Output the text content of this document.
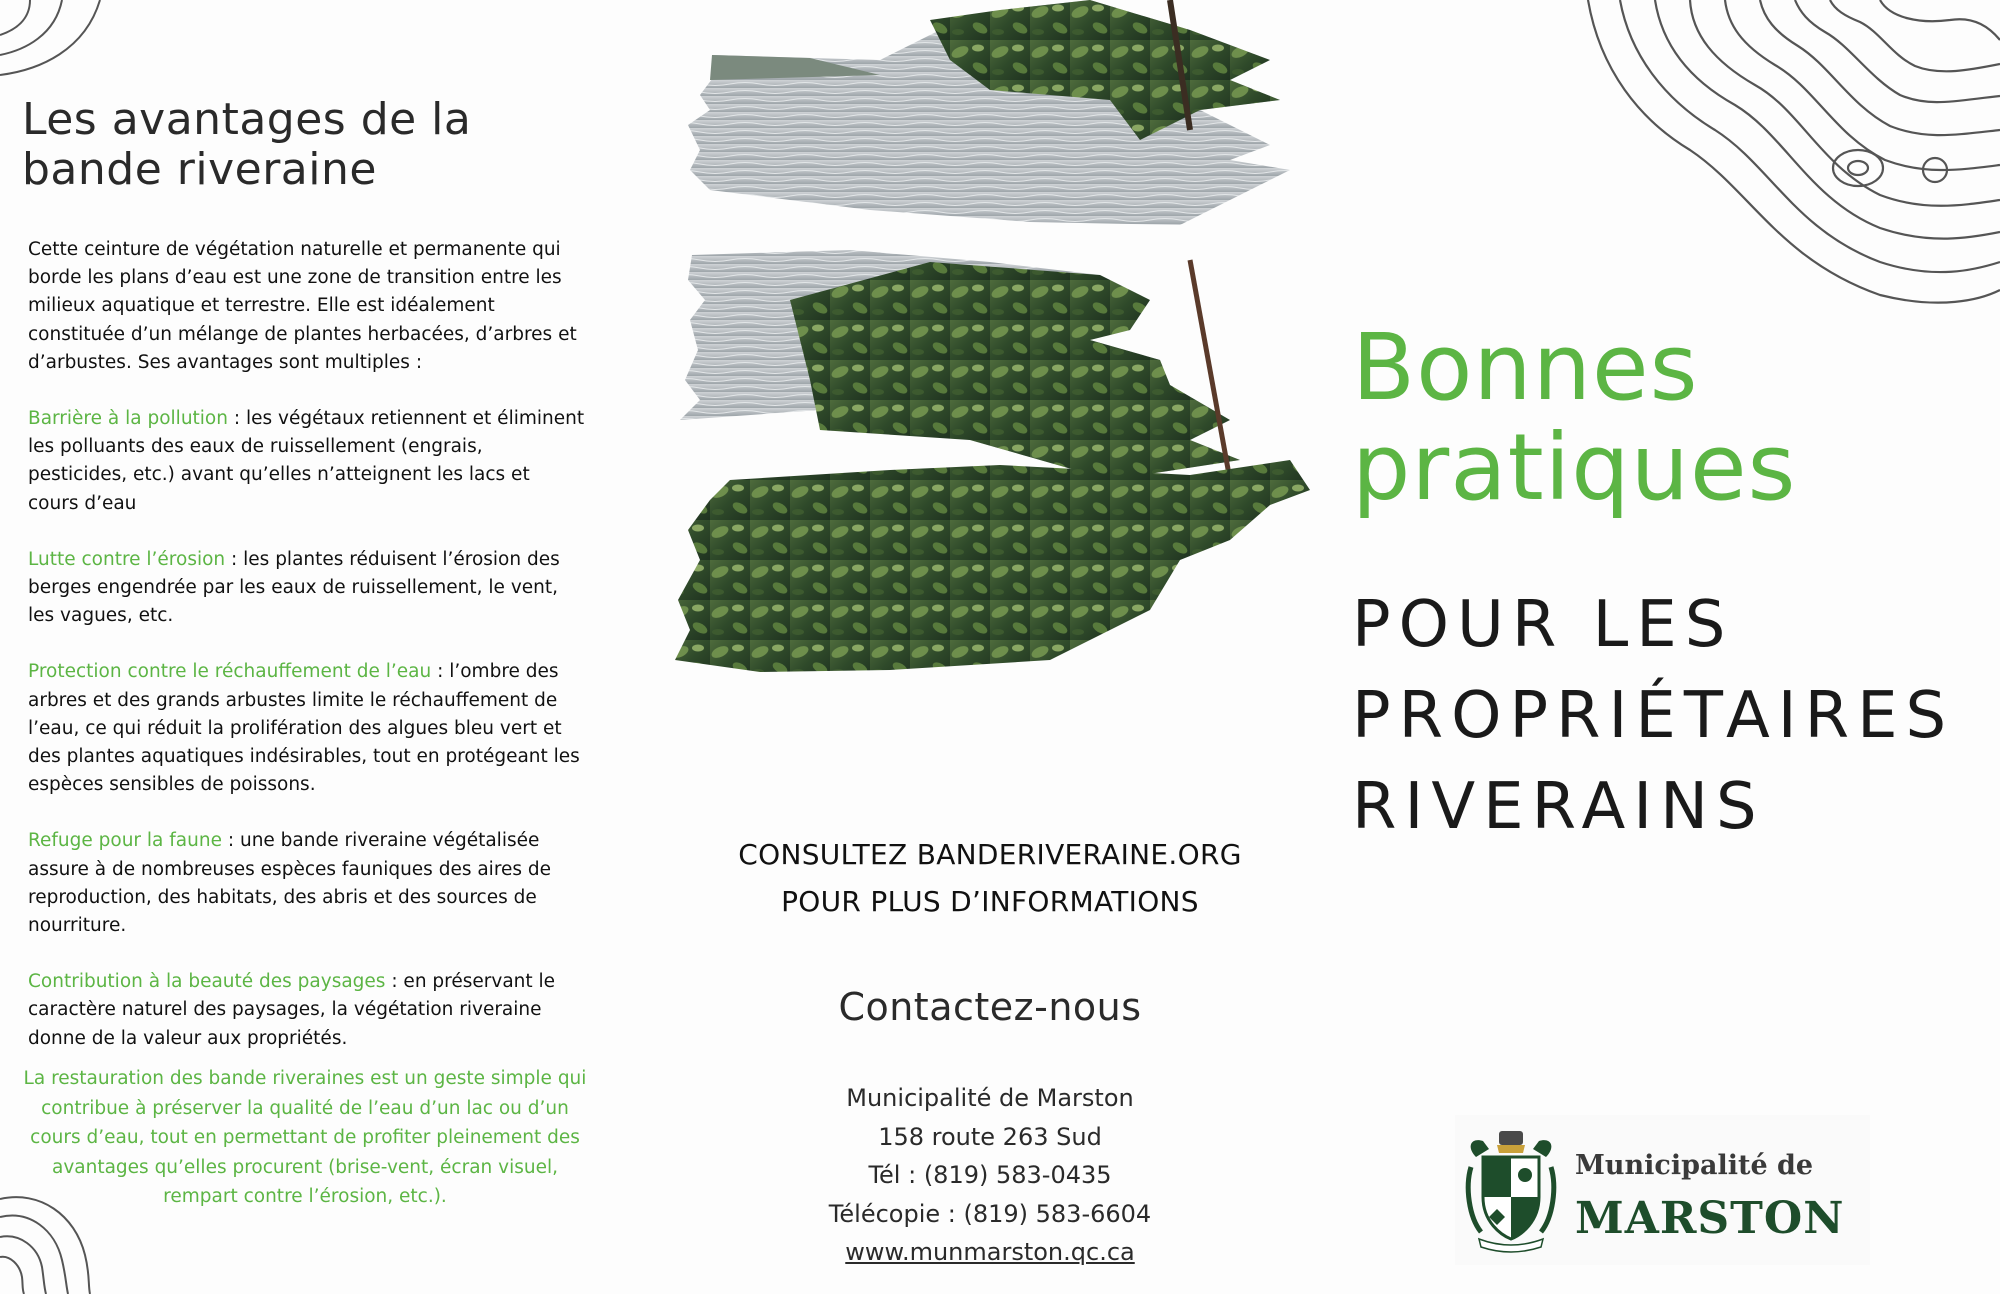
Les avantages de la bande riveraine

Cette ceinture de végétation naturelle et permanente qui borde les plans d’eau est une zone de transition entre les milieux aquatique et terrestre. Elle est idéalement constituée d’un mélange de plantes herbacées, d’arbres et d’arbustes. Ses avantages sont multiples :

Barrière à la pollution : les végétaux retiennent et éliminent les polluants des eaux de ruissellement (engrais, pesticides, etc.) avant qu’elles n’atteignent les lacs et cours d’eau

Lutte contre l’érosion : les plantes réduisent l’érosion des berges engendrée par les eaux de ruissellement, le vent, les vagues, etc.

Protection contre le réchauffement de l’eau : l’ombre des arbres et des grands arbustes limite le réchauffement de l’eau, ce qui réduit la prolifération des algues bleu vert et des plantes aquatiques indésirables, tout en protégeant les espèces sensibles de poissons.

Refuge pour la faune : une bande riveraine végétalisée assure à de nombreuses espèces fauniques des aires de reproduction, des habitats, des abris et des sources de nourriture.

Contribution à la beauté des paysages : en préservant le caractère naturel des paysages, la végétation riveraine donne de la valeur aux propriétés.

La restauration des bande riveraines est un geste simple qui contribue à préserver la qualité de l’eau d’un lac ou d’un cours d’eau, tout en permettant de profiter pleinement des avantages qu’elles procurent (brise-vent, écran visuel, rempart contre l’érosion, etc.).
CONSULTEZ BANDERIVERAINE.ORG
POUR PLUS D’INFORMATIONS
Contactez-nous
Municipalité de Marston
158 route 263 Sud
Tél : (819) 583-0435
Télécopie : (819) 583-6604
www.munmarston.qc.ca
Bonnes
pratiques
POUR LES
PROPRIÉTAIRES
RIVERAINS
Municipalité de
MARSTON
